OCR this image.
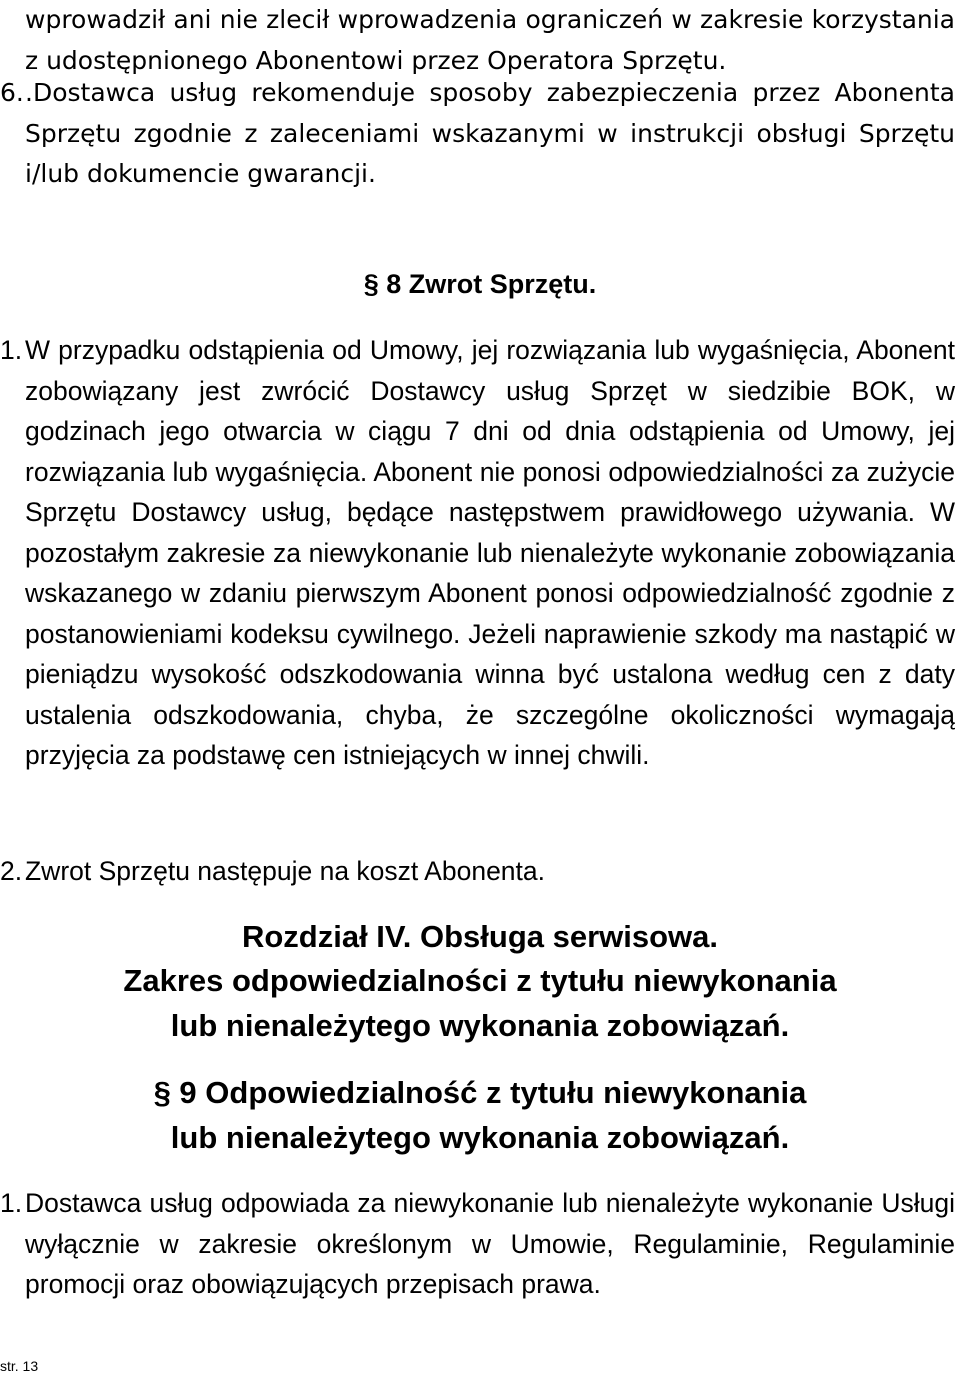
wprowadził ani nie zlecił wprowadzenia ograniczeń w zakresie korzystania z udostępnionego Abonentowi przez Operatora Sprzętu.
6. .Dostawca usług rekomenduje sposoby zabezpieczenia przez Abonenta Sprzętu zgodnie z zaleceniami wskazanymi w instrukcji obsługi Sprzętu i/lub dokumencie gwarancji.
§ 8 Zwrot Sprzętu.
1. W przypadku odstąpienia od Umowy, jej rozwiązania lub wygaśnięcia, Abonent zobowiązany jest zwrócić Dostawcy usług Sprzęt w siedzibie BOK, w godzinach jego otwarcia w ciągu 7 dni od dnia odstąpienia od Umowy, jej rozwiązania lub wygaśnięcia. Abonent nie ponosi odpowiedzialności za zużycie Sprzętu Dostawcy usług, będące następstwem prawidłowego używania. W pozostałym zakresie za niewykonanie lub nienależyte wykonanie zobowiązania wskazanego w zdaniu pierwszym Abonent ponosi odpowiedzialność zgodnie z postanowieniami kodeksu cywilnego. Jeżeli naprawienie szkody ma nastąpić w pieniądzu wysokość odszkodowania winna być ustalona według cen z daty ustalenia odszkodowania, chyba, że szczególne okoliczności wymagają przyjęcia za podstawę cen istniejących w innej chwili.
2. Zwrot Sprzętu następuje na koszt Abonenta.
Rozdział IV. Obsługa serwisowa.
Zakres odpowiedzialności z tytułu niewykonania
lub nienależytego wykonania zobowiązań.
§ 9 Odpowiedzialność z tytułu niewykonania
lub nienależytego wykonania zobowiązań.
1. Dostawca usług odpowiada za niewykonanie lub nienależyte wykonanie Usługi wyłącznie w zakresie określonym w Umowie, Regulaminie, Regulaminie promocji oraz obowiązujących przepisach prawa.
str. 13
